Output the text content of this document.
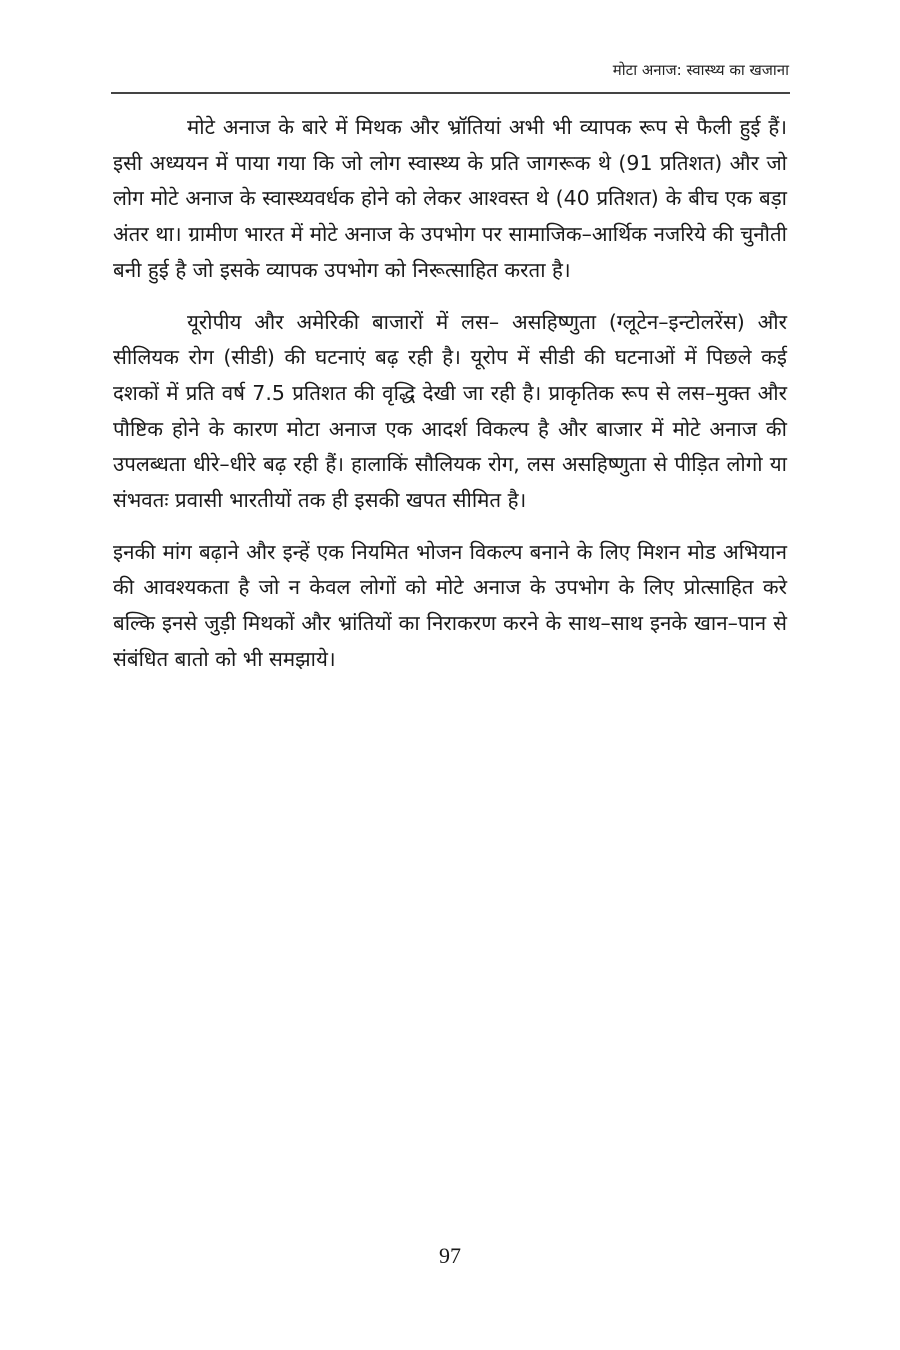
मोटा अनाज: स्वास्थ्य का खजाना

मोटे अनाज के बारे में मिथक और भ्रॉतियां अभी भी व्यापक रूप से फैली हुई हैं। इसी अध्ययन में पाया गया कि जो लोग स्वास्थ्य के प्रति जागरूक थे (91 प्रतिशत) और जो लोग मोटे अनाज के स्वास्थ्यवर्धक होने को लेकर आश्वस्त थे (40 प्रतिशत) के बीच एक बड़ा अंतर था। ग्रामीण भारत में मोटे अनाज के उपभोग पर सामाजिक–आर्थिक नजरिये की चुनौती बनी हुई है जो इसके व्यापक उपभोग को निरूत्साहित करता है।

यूरोपीय और अमेरिकी बाजारों में लस– असहिष्णुता (ग्लूटेन–इन्टोलरेंस) और सीलियक रोग (सीडी) की घटनाएं बढ़ रही है। यूरोप में सीडी की घटनाओं में पिछले कई दशकों में प्रति वर्ष 7.5 प्रतिशत की वृद्धि देखी जा रही है। प्राकृतिक रूप से लस–मुक्त और पौष्टिक होने के कारण मोटा अनाज एक आदर्श विकल्प है और बाजार में मोटे अनाज की उपलब्धता धीरे–धीरे बढ़ रही हैं। हालाकिं सौलियक रोग, लस असहिष्णुता से पीड़ित लोगो या संभवतः प्रवासी भारतीयों तक ही इसकी खपत सीमित है।

इनकी मांग बढ़ाने और इन्हें एक नियमित भोजन विकल्प बनाने के लिए मिशन मोड अभियान की आवश्यकता है जो न केवल लोगों को मोटे अनाज के उपभोग के लिए प्रोत्साहित करे बल्कि इनसे जुड़ी मिथकों और भ्रांतियों का निराकरण करने के साथ–साथ इनके खान–पान से संबंधित बातो को भी समझाये।

97
